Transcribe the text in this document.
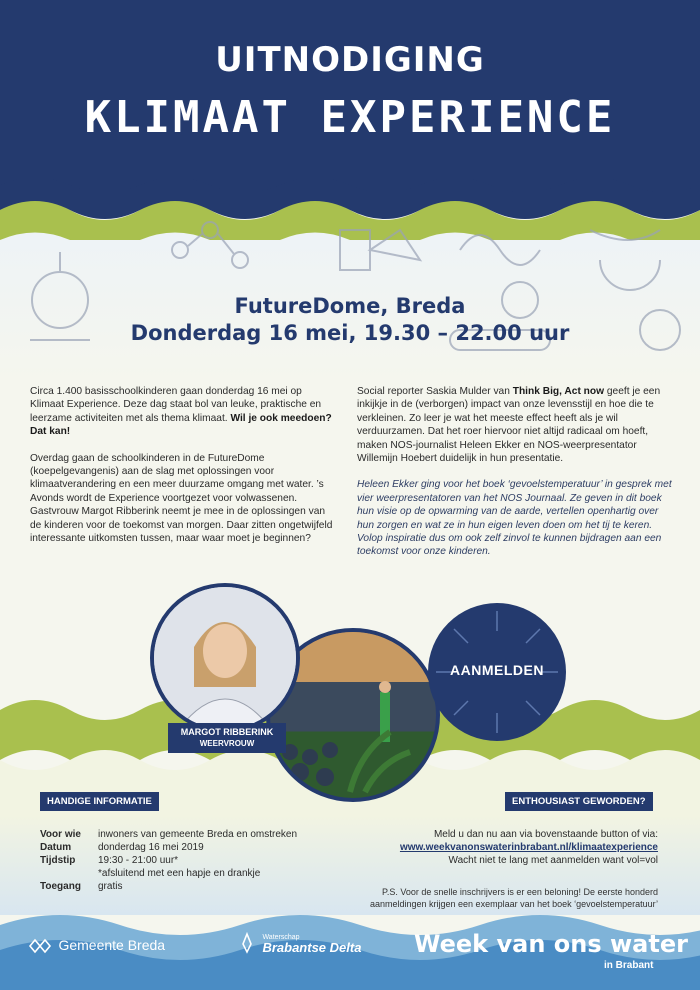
UITNODIGING
KLIMAAT EXPERIENCE
FutureDome, Breda
Donderdag 16 mei, 19.30 – 22.00 uur

Circa 1.400 basisschoolkinderen gaan donderdag 16 mei op Klimaat Experience. Deze dag staat bol van leuke, praktische en leerzame activiteiten met als thema klimaat. Wil je ook meedoen? Dat kan!

Overdag gaan de schoolkinderen in de FutureDome (koepelgevangenis) aan de slag met oplossingen voor klimaatverandering en een meer duurzame omgang met water. ’s Avonds wordt de Experience voortgezet voor volwassenen. Gastvrouw Margot Ribberink neemt je mee in de oplossingen van de kinderen voor de toekomst van morgen. Daar zitten ongetwijfeld interessante uitkomsten tussen, maar waar moet je beginnen?

Social reporter Saskia Mulder van Think Big, Act now geeft je een inkijkje in de (verborgen) impact van onze levensstijl en hoe die te verkleinen. Zo leer je wat het meeste effect heeft als je wil verduurzamen. Dat het roer hiervoor niet altijd radicaal om hoeft, maken NOS-journalist Heleen Ekker en NOS-weerpresentator Willemijn Hoebert duidelijk in hun presentatie.

Heleen Ekker ging voor het boek ‘gevoelstemperatuur’ in gesprek met vier weerpresentatoren van het NOS Journaal. Ze geven in dit boek hun visie op de opwarming van de aarde, vertellen openhartig over hun zorgen en wat ze in hun eigen leven doen om het tij te keren. Volop inspiratie dus om ook zelf zinvol te kunnen bijdragen aan een toekomst voor onze kinderen.

MARGOT RIBBERINK
WEERVROUW
AANMELDEN
HANDIGE INFORMATIE
Voor wie inwoners van gemeente Breda en omstreken
Datum	donderdag 16 mei 2019
Tijdstip 19:30 - 21:00 uur*
*afsluitend met een hapje en drankje
Toegang gratis
ENTHOUSIAST GEWORDEN?
Meld u dan nu aan via bovenstaande button of via:
www.weekvanonswaterinbrabant.nl/klimaatexperience
Wacht niet te lang met aanmelden want vol=vol
P.S. Voor de snelle inschrijvers is er een beloning! De eerste honderd
aanmeldingen krijgen een exemplaar van het boek ‘gevoelstemperatuur’
Gemeente Breda
	Waterschap
Brabantse Delta Week van ons water
in Brabant
